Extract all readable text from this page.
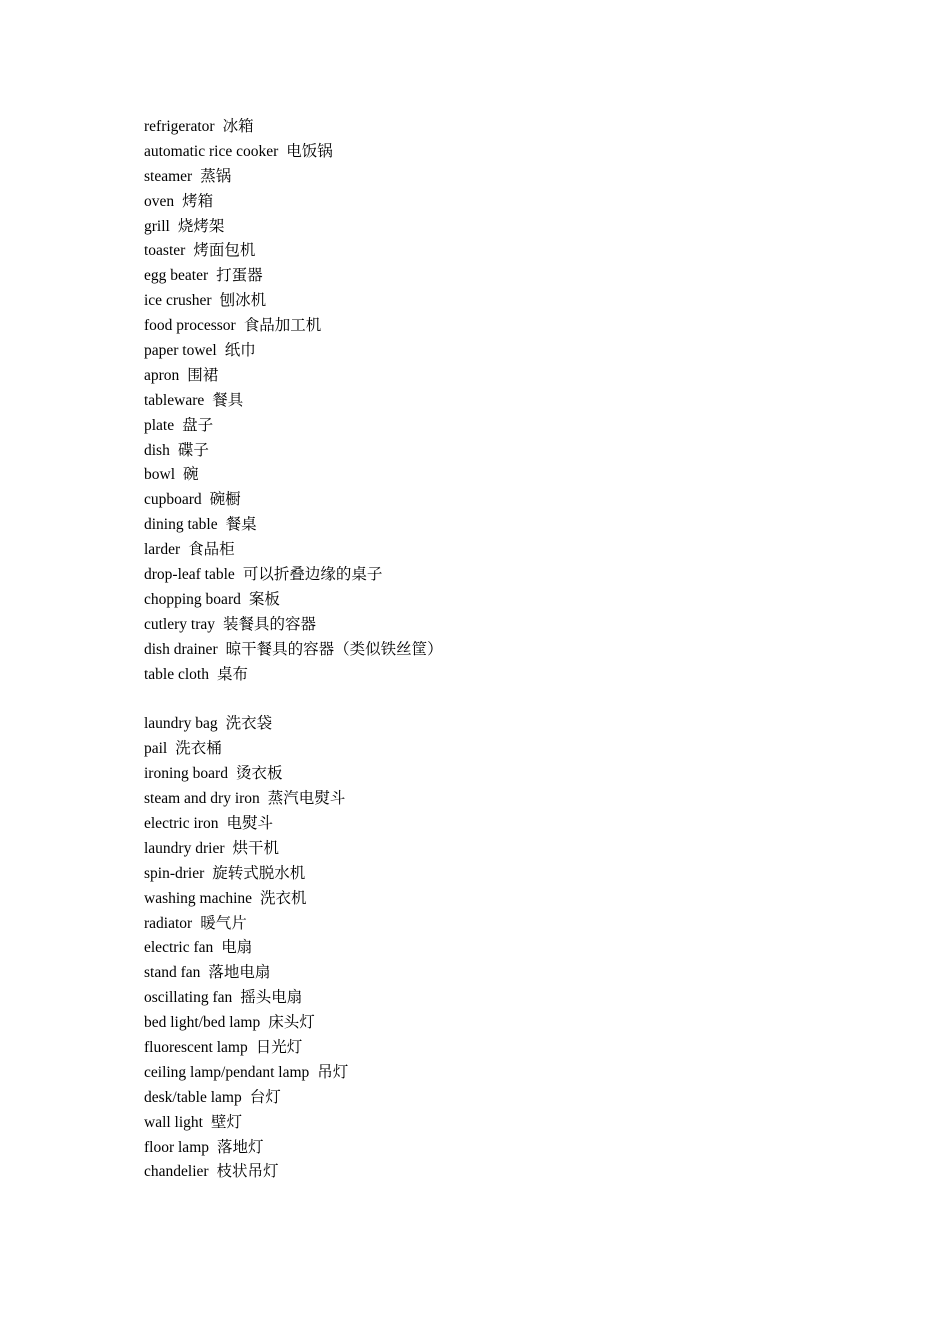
refrigerator 冰箱
automatic rice cooker 电饭锅
steamer 蒸锅
oven 烤箱
grill 烧烤架
toaster 烤面包机
egg beater 打蛋器
ice crusher 刨冰机
food processor 食品加工机
paper towel 纸巾
apron 围裙
tableware 餐具
plate 盘子
dish 碟子
bowl 碗
cupboard 碗橱
dining table 餐桌
larder 食品柜
drop-leaf table 可以折叠边缘的桌子
chopping board 案板
cutlery tray 装餐具的容器
dish drainer 晾干餐具的容器（类似铁丝筐）
table cloth 桌布
laundry bag 洗衣袋
pail 洗衣桶
ironing board 烫衣板
steam and dry iron 蒸汽电熨斗
electric iron 电熨斗
laundry drier 烘干机
spin-drier 旋转式脱水机
washing machine 洗衣机
radiator 暖气片
electric fan 电扇
stand fan 落地电扇
oscillating fan 摇头电扇
bed light/bed lamp 床头灯
fluorescent lamp 日光灯
ceiling lamp/pendant lamp 吊灯
desk/table lamp 台灯
wall light 壁灯
floor lamp 落地灯
chandelier 枝状吊灯
